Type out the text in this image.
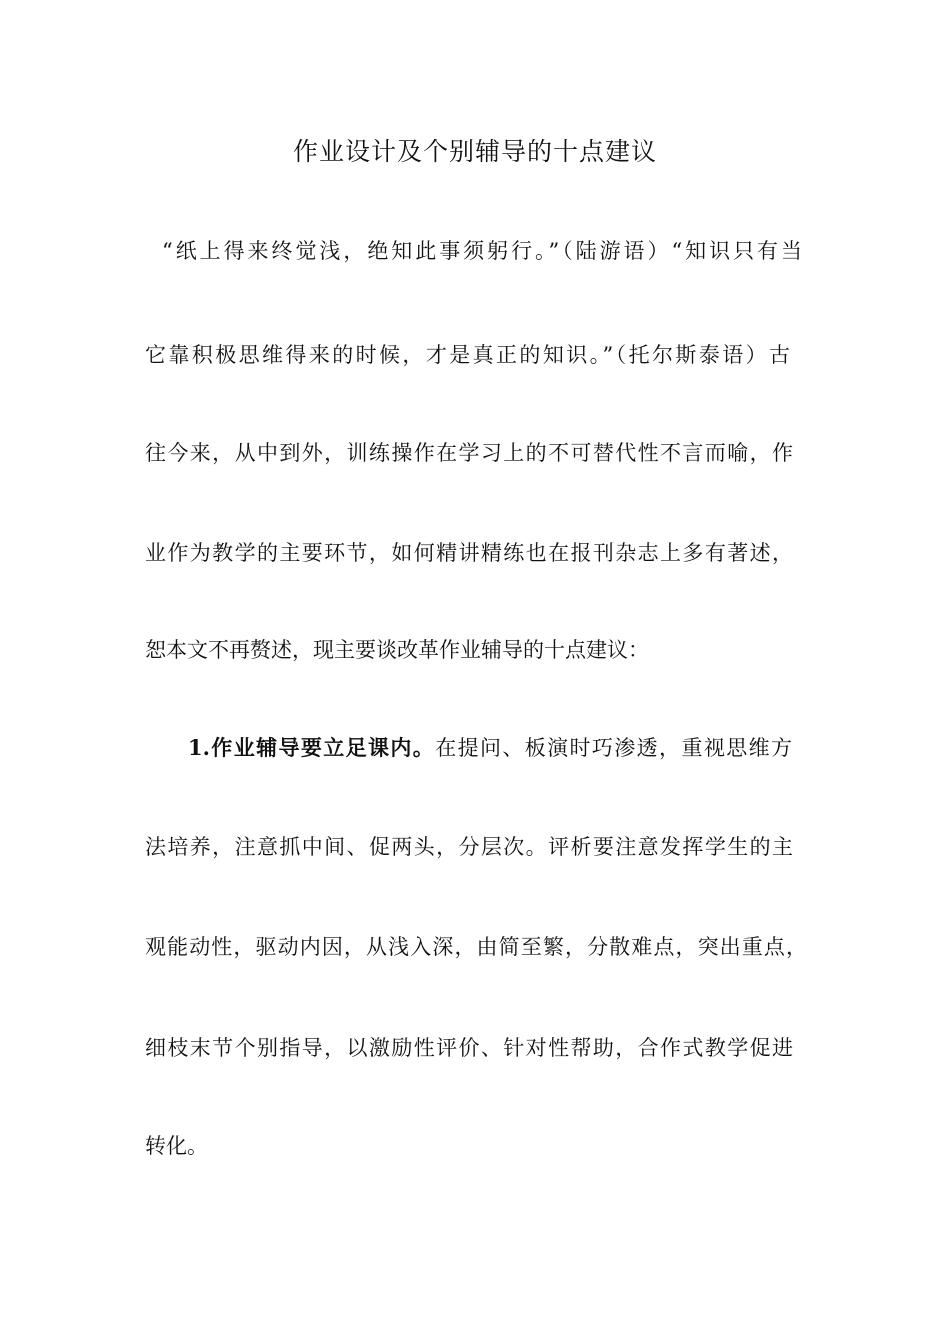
作业设计及个别辅导的十点建议
“纸上得来终觉浅，绝知此事须躬行。”（陆游语）“知识只有当
它靠积极思维得来的时候，才是真正的知识。”（托尔斯泰语）古
往今来，从中到外，训练操作在学习上的不可替代性不言而喻，作
业作为教学的主要环节，如何精讲精练也在报刊杂志上多有著述，
恕本文不再赘述，现主要谈改革作业辅导的十点建议：
1.作业辅导要立足课内。在提问、板演时巧渗透，重视思维方
法培养，注意抓中间、促两头，分层次。评析要注意发挥学生的主
观能动性，驱动内因，从浅入深，由简至繁，分散难点，突出重点，
细枝末节个别指导，以激励性评价、针对性帮助，合作式教学促进
转化。
